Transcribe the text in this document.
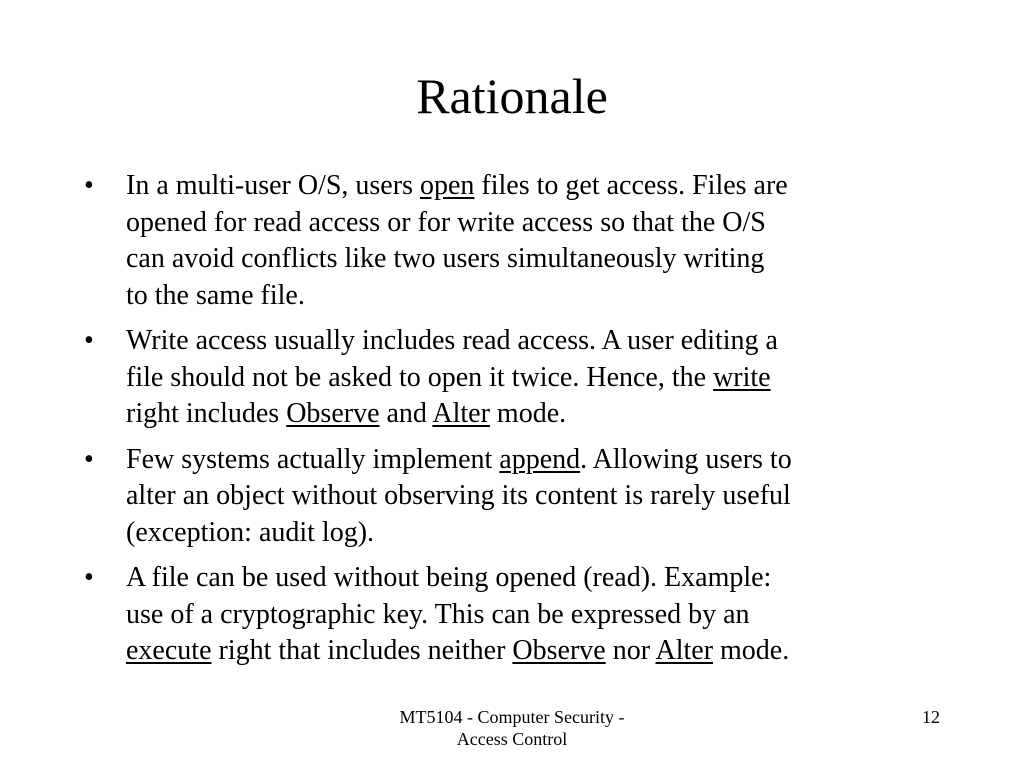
Rationale
•	In a multi-user O/S, users open files to get access. Files are
opened for read access or for write access so that the O/S
can avoid conflicts like two users simultaneously writing
to the same file.
•	Write access usually includes read access. A user editing a
file should not be asked to open it twice. Hence, the write
right includes Observe and Alter mode.
•	Few systems actually implement append. Allowing users to
alter an object without observing its content is rarely useful
(exception: audit log).
•	A file can be used without being opened (read). Example:
use of a cryptographic key. This can be expressed by an
execute right that includes neither Observe nor Alter mode.
MT5104 - Computer Security -
Access Control
12
